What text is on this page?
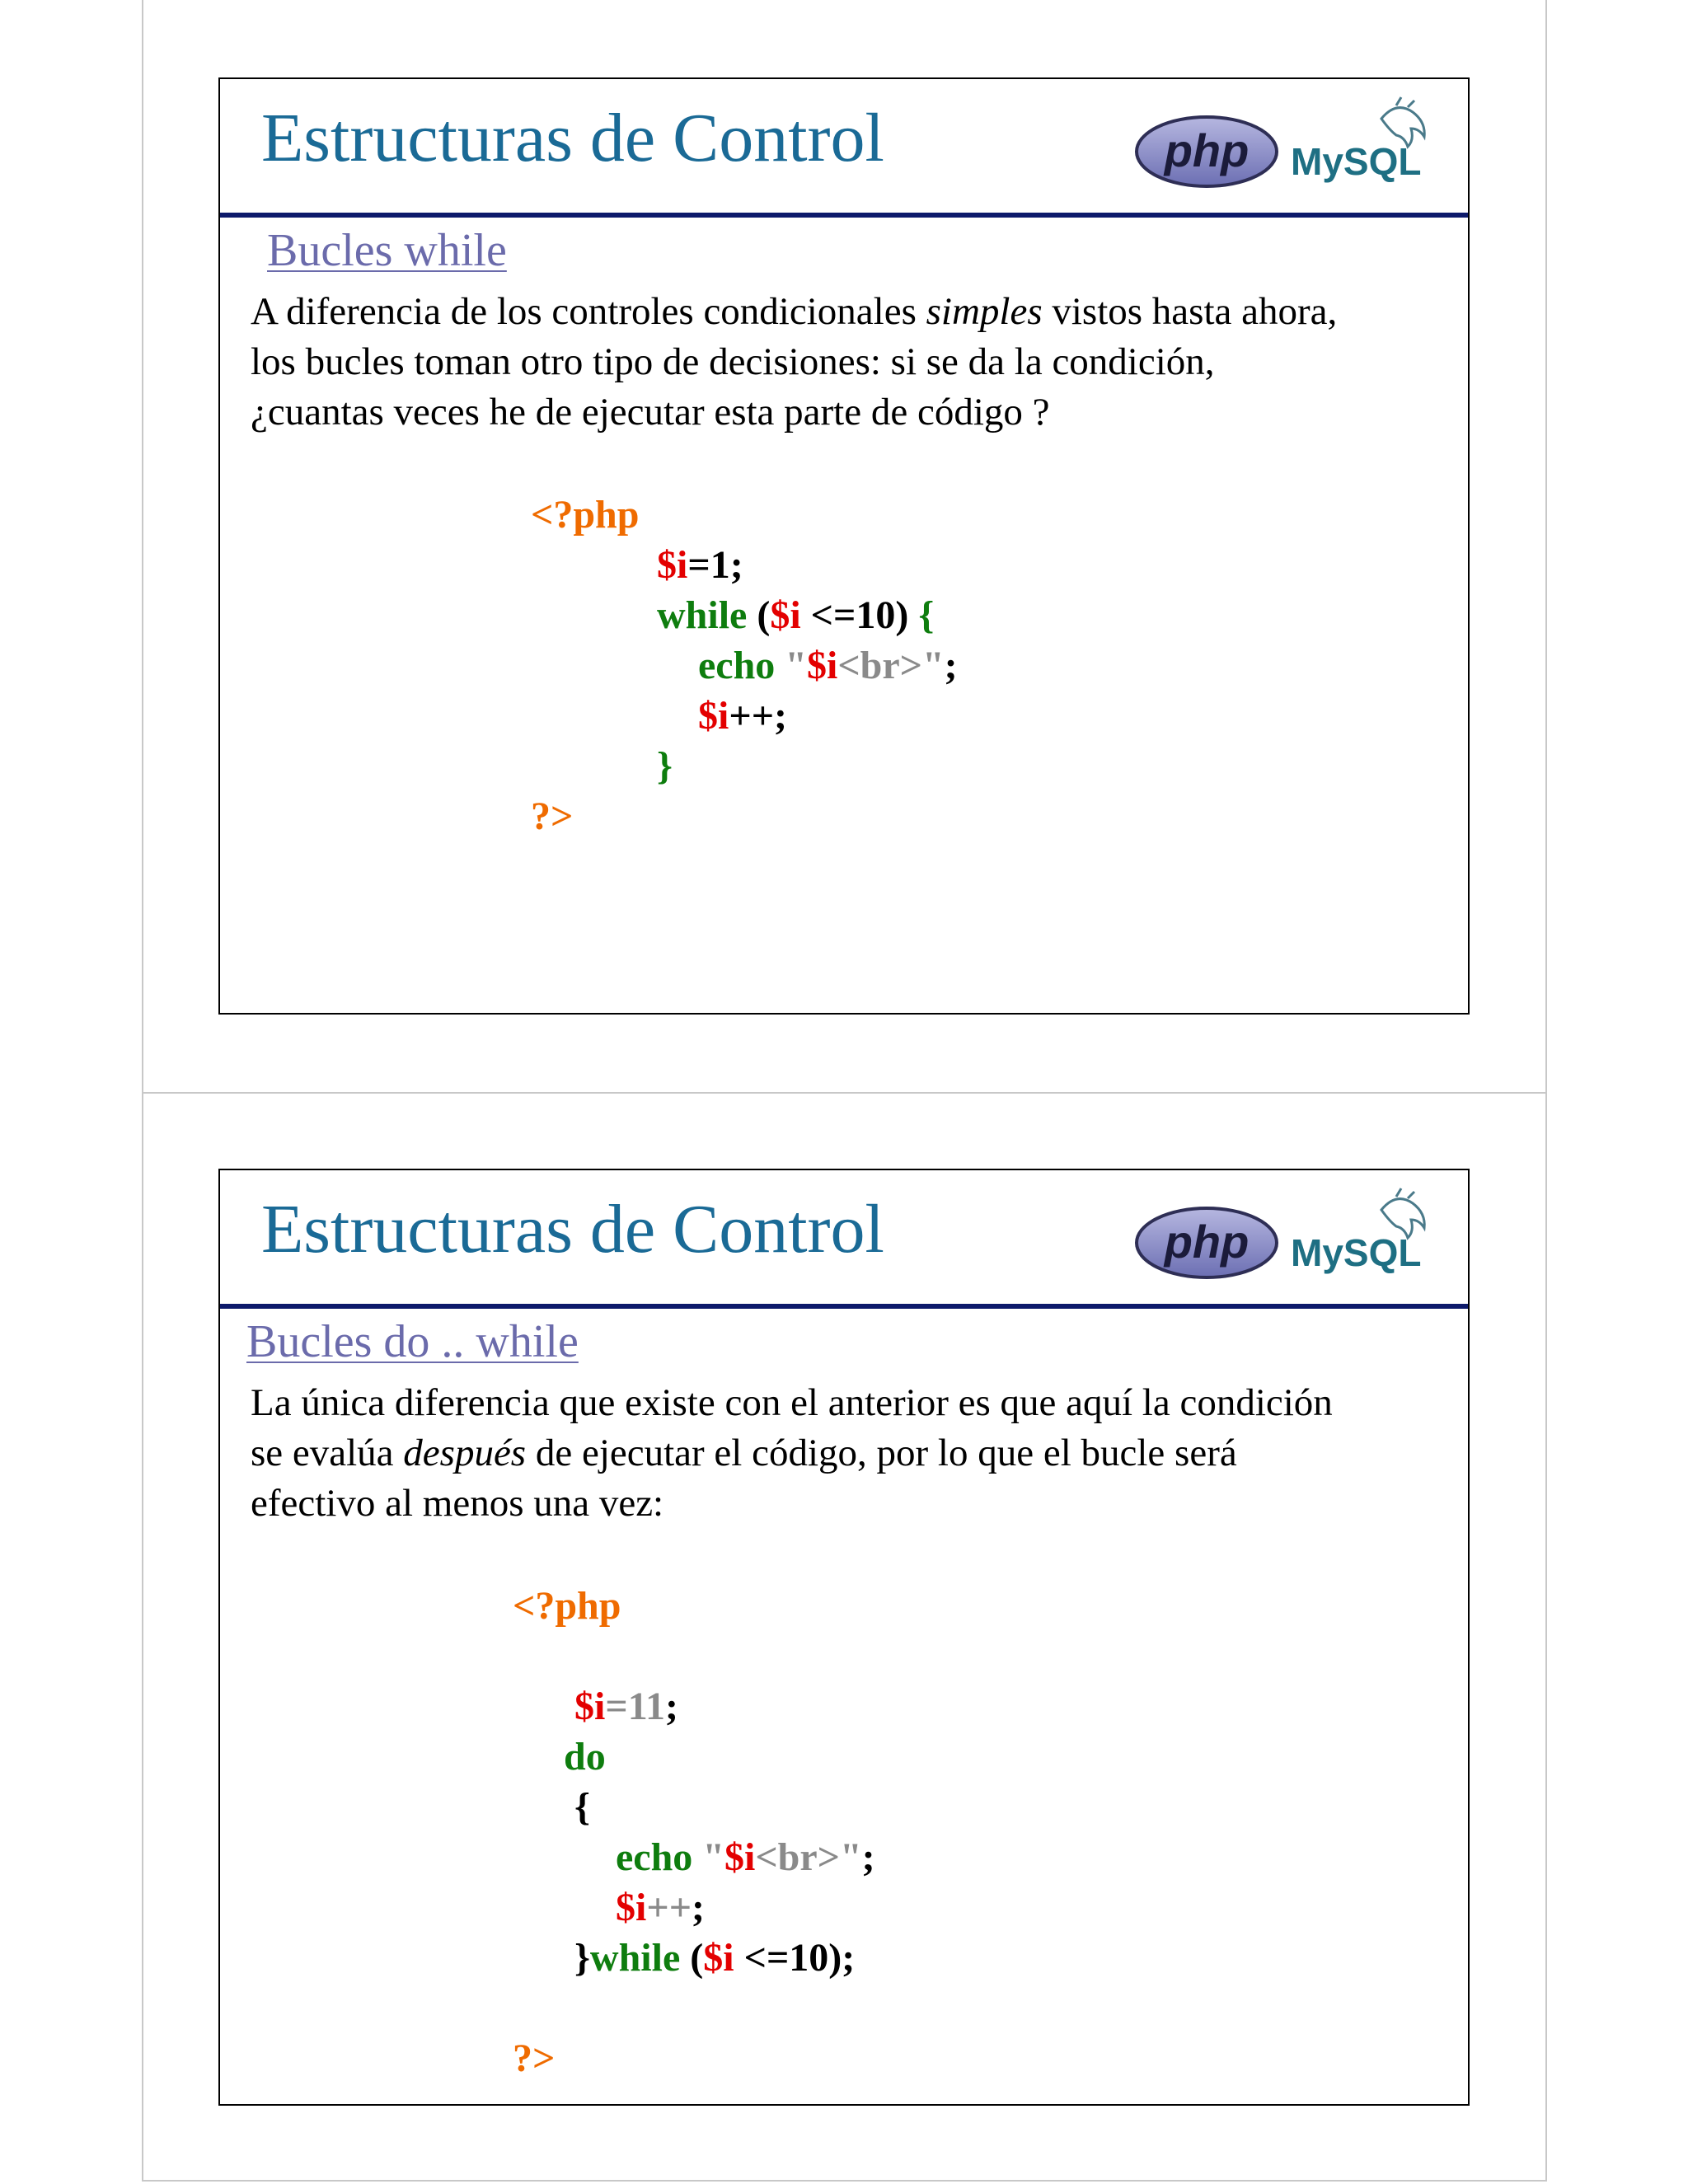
Estructuras de Control	php MySQL
Bucles while

A diferencia de los controles condicionales simples vistos hasta ahora,

los bucles toman otro tipo de decisiones: si se da la condición,

¿cuantas veces he de ejecutar esta parte de código ?

<?php

$i=1;

while ($i <=10) {

echo "$i<br>";

$i++;

}

?>

Estructuras de Control	php MySQL
Bucles do .. while

La única diferencia que existe con el anterior es que aquí la condición

se evalúa después de ejecutar el código, por lo que el bucle será

efectivo al menos una vez:

<?php

$i=11;

do

{

echo "$i<br>";

$i++;

}while ($i <=10);

?>
